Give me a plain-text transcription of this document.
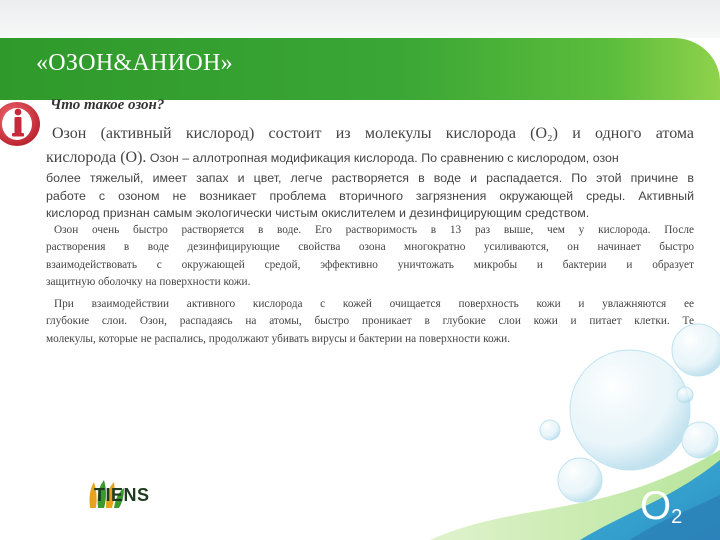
«ОЗОН&АНИОН»
Что такое озон?
Озон (активный кислород) состоит из молекулы кислорода (O₂) и одного атома
кислорода (O). Озон – аллотропная модификация кислорода. По сравнению с кислородом, озон
более тяжелый, имеет запах и цвет, легче растворяется в воде и распадается. По этой причине в
работе с озоном не возникает проблема вторичного загрязнения окружающей среды. Активный
кислород признан самым экологически чистым окислителем и дезинфицирующим средством.
Озон очень быстро растворяется в воде. Его растворимость в 13 раз выше, чем у кислорода. После
растворения в воде дезинфицирующие свойства озона многократно усиливаются, он начинает быстро
взаимодействовать с окружающей средой, эффективно уничтожать микробы и бактерии и образует
защитную оболочку на поверхности кожи.
При взаимодействии активного кислорода с кожей очищается поверхность кожи и увлажняются ее
глубокие слои. Озон, распадаясь на атомы, быстро проникает в глубокие слои кожи и питает клетки. Те
молекулы, которые не распались, продолжают убивать вирусы и бактерии на поверхности кожи.
TIENS	$O_2$
